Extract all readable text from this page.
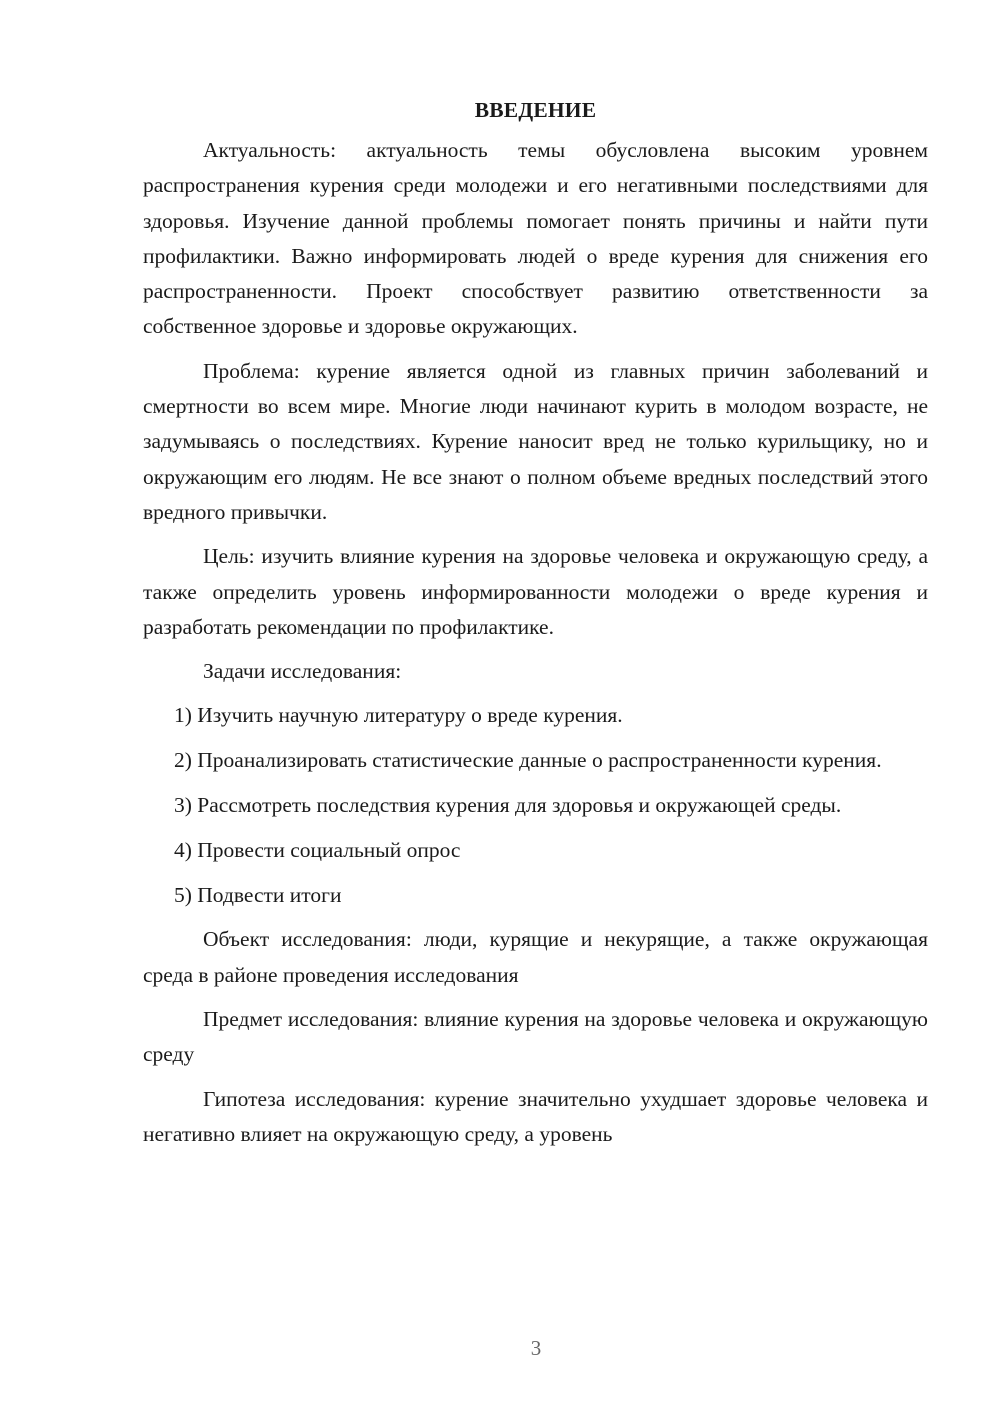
ВВЕДЕНИЕ

Актуальность: актуальность темы обусловлена высоким уровнем распространения курения среди молодежи и его негативными последствиями для здоровья. Изучение данной проблемы помогает понять причины и найти пути профилактики. Важно информировать людей о вреде курения для снижения его распространенности. Проект способствует развитию ответственности за собственное здоровье и здоровье окружающих.

Проблема: курение является одной из главных причин заболеваний и смертности во всем мире. Многие люди начинают курить в молодом возрасте, не задумываясь о последствиях. Курение наносит вред не только курильщику, но и окружающим его людям. Не все знают о полном объеме вредных последствий этого вредного привычки.

Цель: изучить влияние курения на здоровье человека и окружающую среду, а также определить уровень информированности молодежи о вреде курения и разработать рекомендации по профилактике.

Задачи исследования:

1) Изучить научную литературу о вреде курения.

2) Проанализировать статистические данные о распространенности курения.

3) Рассмотреть последствия курения для здоровья и окружающей среды.

4) Провести социальный опрос

5) Подвести итоги

Объект исследования: люди, курящие и некурящие, а также окружающая среда в районе проведения исследования

Предмет исследования: влияние курения на здоровье человека и окружающую среду

Гипотеза исследования: курение значительно ухудшает здоровье человека и негативно влияет на окружающую среду, а уровень

3
